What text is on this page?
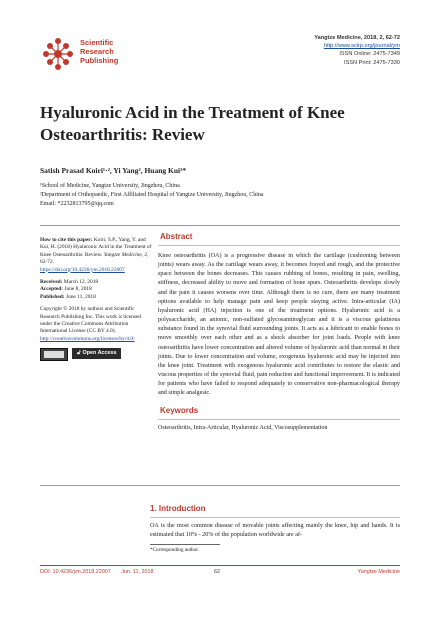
Scientific
Research
Publishing
Yangtze Medicine, 2018, 2, 62-72
http://www.scirp.org/journal/ym
ISSN Online: 2475-7349
ISSN Print: 2475-7330
Hyaluronic Acid in the Treatment of Knee
Osteoarthritis: Review
Satish Prasad Koiri¹·², Yi Yang², Huang Kui²*
¹School of Medicine, Yangtze University, Jingzhou, China
²Department of Orthopaedic, First Affiliated Hospital of Yangtze University, Jingzhou, China
Email: *2232813795@qq.com

How to cite this paper: Koiri, S.P., Yang, Y. and Kui, H. (2018) Hyaluronic Acid in the Treatment of Knee Osteoarthritis: Review. Yangtze Medicine, 2, 62-72.
https://doi.org/10.4236/ym.2018.22007

Received: March 12, 2018
Accepted: June 8, 2018
Published: June 11, 2018

Copyright © 2018 by authors and Scientific Research Publishing Inc. This work is licensed under the Creative Commons Attribution International License (CC BY 4.0).
http://creativecommons.org/licenses/by/4.0/

🔓︎ Open Access
Abstract
Knee osteoarthritis (OA) is a progressive disease in which the cartilage (cushioning between joints) wears away. As the cartilage wears away, it becomes frayed and rough, and the protective space between the bones decreases. This causes rubbing of bones, resulting in pain, swelling, stiffness, decreased ability to move and formation of bone spurs. Osteoarthritis develops slowly and the pain it causes worsens over time. Although there is no cure, there are many treatment options available to help manage pain and keep people staying active. Intra-articular (IA) hyaluronic acid (HA) injection is one of the treatment options. Hyaluronic acid is a polysaccharide, an anionic, non-sulfated glycosaminoglycan and it is a viscous gelatinous substance found in the synovial fluid surrounding joints. It acts as a lubricant to enable bones to move smoothly over each other and as a shock absorber for joint loads. People with knee osteoarthritis have lower concentration and altered volume of hyaluronic acid than normal in their joints. Due to lower concentration and volume, exogenous hyaluronic acid may be injected into the knee joint. Treatment with exogenous hyaluronic acid contributes to restore the elastic and viscous properties of the synovial fluid, pain reduction and functional improvement. It is indicated for patients who have failed to respond adequately to conservative non-pharmacological therapy and simple analgesic.
Keywords
Osteoarthritis, Intra-Articular, Hyaluronic Acid, Viscosupplementation
1. Introduction
OA is the most common disease of movable joints affecting mainly the knee, hip and hands. It is estimated that 10% - 20% of the population worldwide are af-
*Corresponding author.
DOI: 10.4236/ym.2018.22007 Jun. 11, 2018	62	Yangtze Medicine
